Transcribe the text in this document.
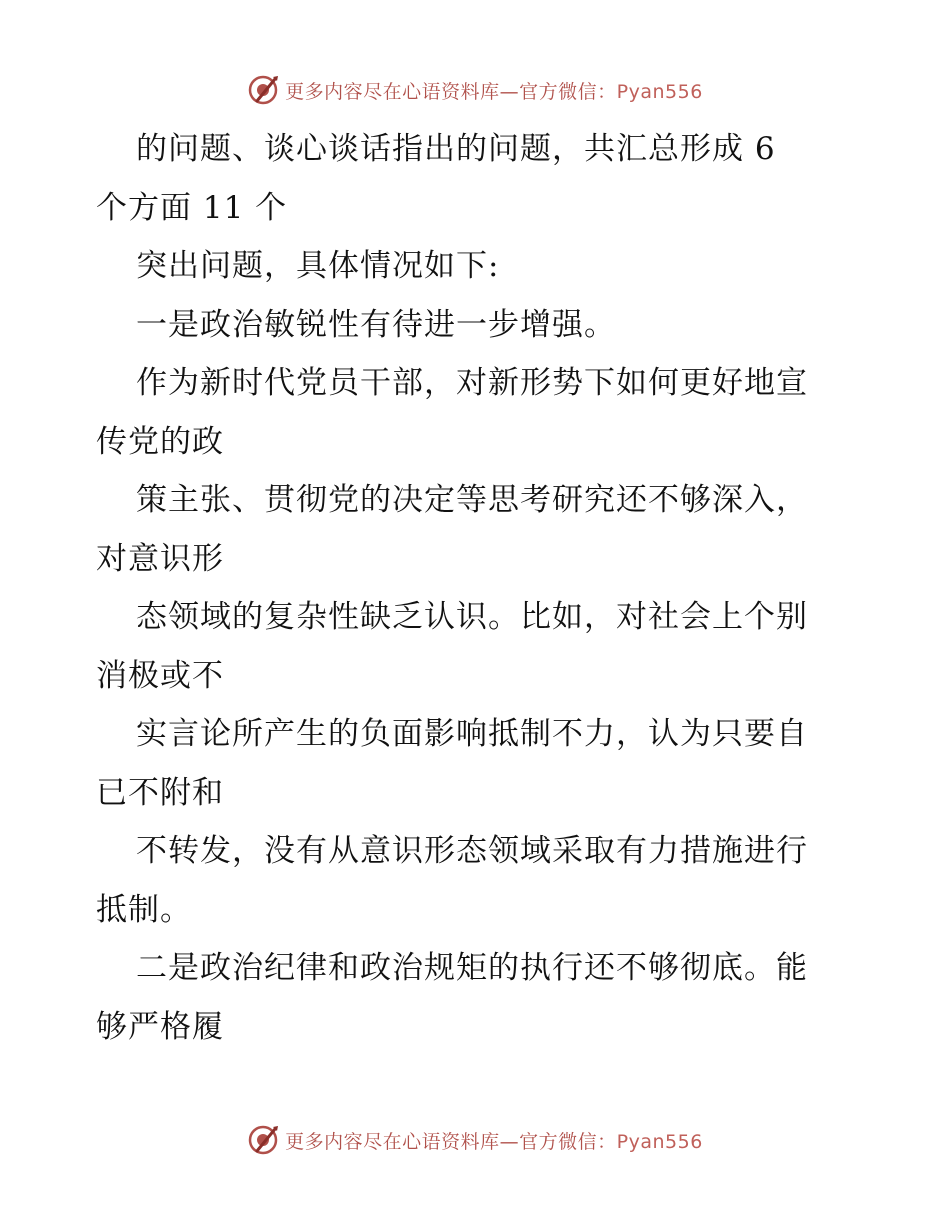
更多内容尽在心语资料库—官方微信：Pyan556
的问题、谈心谈话指出的问题，共汇总形成 6
个方面 11 个
突出问题，具体情况如下:
一是政治敏锐性有待进一步增强。
作为新时代党员干部，对新形势下如何更好地宣
传党的政
策主张、贯彻党的决定等思考研究还不够深入，
对意识形
态领域的复杂性缺乏认识。比如，对社会上个别
消极或不
实言论所产生的负面影响抵制不力，认为只要自
已不附和
不转发，没有从意识形态领域采取有力措施进行
抵制。
二是政治纪律和政治规矩的执行还不够彻底。能
够严格履
更多内容尽在心语资料库—官方微信：Pyan556
